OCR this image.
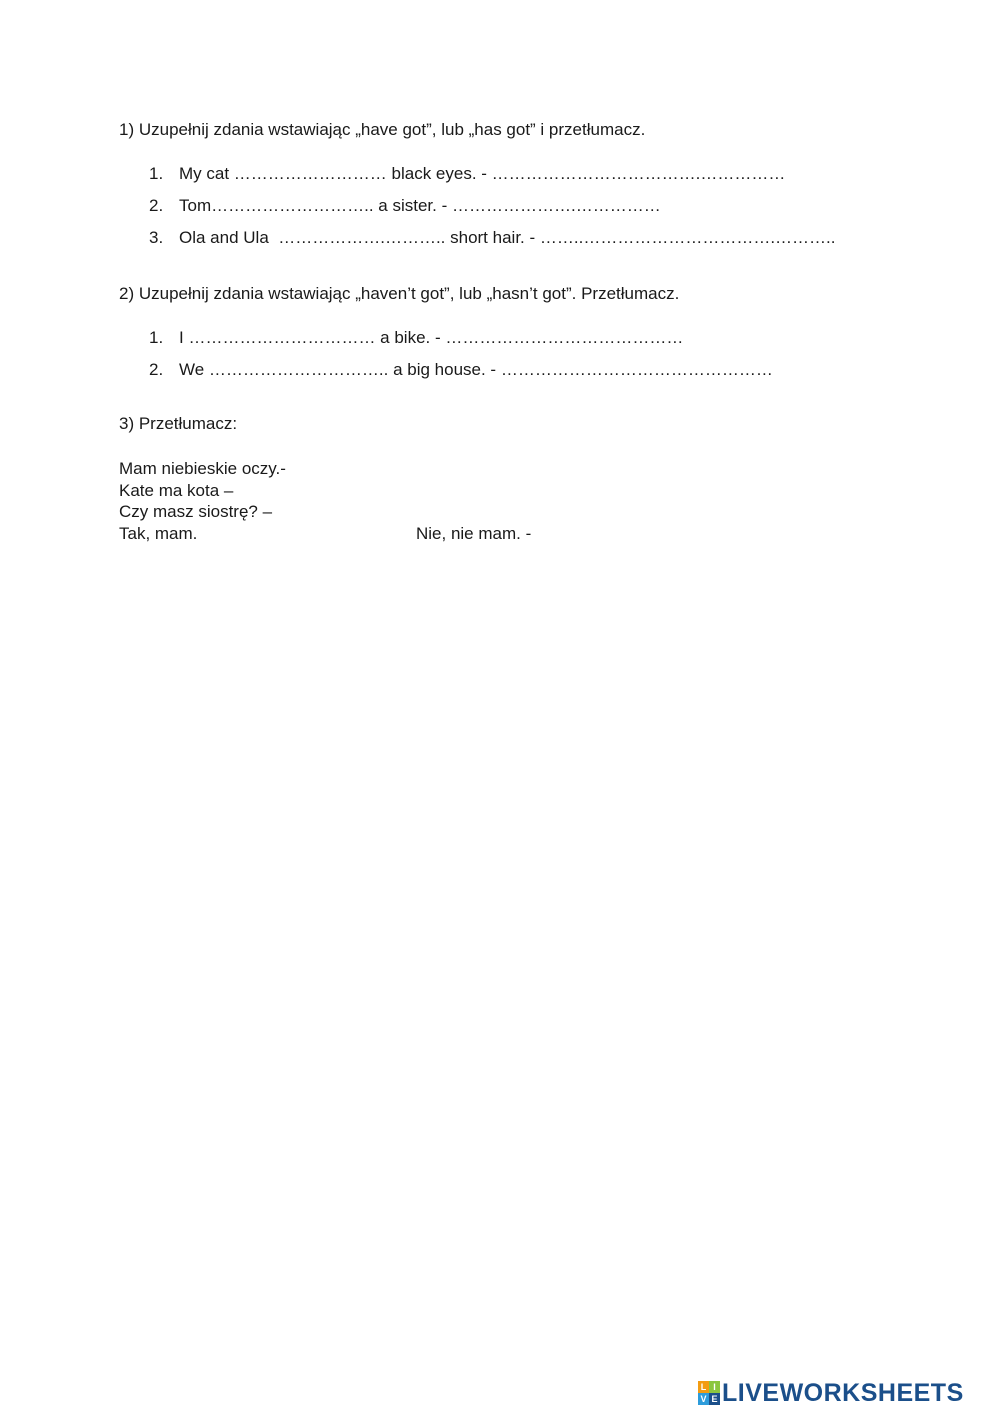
1) Uzupełnij zdania wstawiając „have got”, lub „has got” i przetłumacz.
1. My cat ……………………… black eyes. - ……………………………….……………
2. Tom……………………….. a sister. - ………………….……………
3. Ola and Ula  ……………….……….. short hair. - ……..…………………………….………..
2) Uzupełnij zdania wstawiając „haven’t got”, lub „hasn’t got”. Przetłumacz.
1. I …………………………… a bike. - ……………………………………
2. We ………………………….. a big house. - …………………………………………
3) Przetłumacz:
Mam niebieskie oczy.-
Kate ma kota –
Czy masz siostrę? –
Tak, mam.	Nie, nie mam. -
L I
V E LIVEWORKSHEETS
